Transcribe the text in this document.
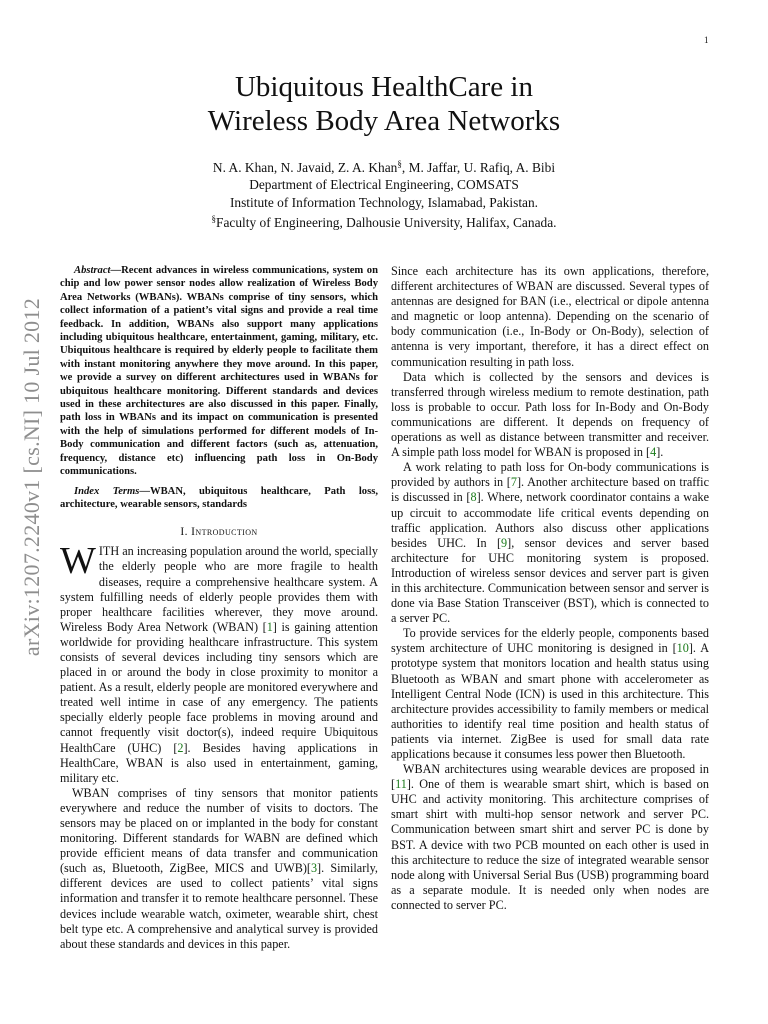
1
arXiv:1207.2240v1 [cs.NI] 10 Jul 2012
Ubiquitous HealthCare in
Wireless Body Area Networks
N. A. Khan, N. Javaid, Z. A. Khan§, M. Jaffar, U. Rafiq, A. Bibi
Department of Electrical Engineering, COMSATS
Institute of Information Technology, Islamabad, Pakistan.
§Faculty of Engineering, Dalhousie University, Halifax, Canada.

Abstract—Recent advances in wireless communications, system on chip and low power sensor nodes allow realization of Wireless Body Area Networks (WBANs). WBANs comprise of tiny sensors, which collect information of a patient’s vital signs and provide a real time feedback. In addition, WBANs also support many applications including ubiquitous healthcare, entertainment, gaming, military, etc. Ubiquitous healthcare is required by elderly people to facilitate them with instant monitoring anywhere they move around. In this paper, we provide a survey on different architectures used in WBANs for ubiquitous healthcare monitoring. Different standards and devices used in these architectures are also discussed in this paper. Finally, path loss in WBANs and its impact on communication is presented with the help of simulations performed for different models of In-Body communication and different factors (such as, attenuation, frequency, distance etc) influencing path loss in On-Body communications.

Index Terms—WBAN, ubiquitous healthcare, Path loss, architecture, wearable sensors, standards

I. Introduction

WITH an increasing population around the world, specially the elderly people who are more fragile to health diseases, require a comprehensive healthcare system. A system fulfilling needs of elderly people provides them with proper healthcare facilities wherever, they move around. Wireless Body Area Network (WBAN) [1] is gaining attention worldwide for providing healthcare infrastructure. This system consists of several devices including tiny sensors which are placed in or around the body in close proximity to monitor a patient. As a result, elderly people are monitored everywhere and treated well intime in case of any emergency. The patients specially elderly people face problems in moving around and cannot frequently visit doctor(s), indeed require Ubiquitous HealthCare (UHC) [2]. Besides having applications in HealthCare, WBAN is also used in entertainment, gaming, military etc.

WBAN comprises of tiny sensors that monitor patients everywhere and reduce the number of visits to doctors. The sensors may be placed on or implanted in the body for constant monitoring. Different standards for WABN are defined which provide efficient means of data transfer and communication (such as, Bluetooth, ZigBee, MICS and UWB)[3]. Similarly, different devices are used to collect patients’ vital signs information and transfer it to remote healthcare personnel. These devices include wearable watch, oximeter, wearable shirt, chest belt type etc. A comprehensive and analytical survey is provided about these standards and devices in this paper.

Since each architecture has its own applications, therefore, different architectures of WBAN are discussed. Several types of antennas are designed for BAN (i.e., electrical or dipole antenna and magnetic or loop antenna). Depending on the scenario of body communication (i.e., In-Body or On-Body), selection of antenna is very important, therefore, it has a direct effect on communication resulting in path loss.

Data which is collected by the sensors and devices is transferred through wireless medium to remote destination, path loss is probable to occur. Path loss for In-Body and On-Body communications are different. It depends on frequency of operations as well as distance between transmitter and receiver. A simple path loss model for WBAN is proposed in [4].

A work relating to path loss for On-body communications is provided by authors in [7]. Another architecture based on traffic is discussed in [8]. Where, network coordinator contains a wake up circuit to accommodate life critical events depending on traffic application. Authors also discuss other applications besides UHC. In [9], sensor devices and server based architecture for UHC monitoring system is proposed. Introduction of wireless sensor devices and server part is given in this architecture. Communication between sensor and server is done via Base Station Transceiver (BST), which is connected to a server PC.

To provide services for the elderly people, components based system architecture of UHC monitoring is designed in [10]. A prototype system that monitors location and health status using Bluetooth as WBAN and smart phone with accelerometer as Intelligent Central Node (ICN) is used in this architecture. This architecture provides accessibility to family members or medical authorities to identify real time position and health status of patients via internet. ZigBee is used for small data rate applications because it consumes less power then Bluetooth.

WBAN architectures using wearable devices are proposed in [11]. One of them is wearable smart shirt, which is based on UHC and activity monitoring. This architecture comprises of smart shirt with multi-hop sensor network and server PC. Communication between smart shirt and server PC is done by BST. A device with two PCB mounted on each other is used in this architecture to reduce the size of integrated wearable sensor node along with Universal Serial Bus (USB) programming board as a separate module. It is needed only when nodes are connected to server PC.
